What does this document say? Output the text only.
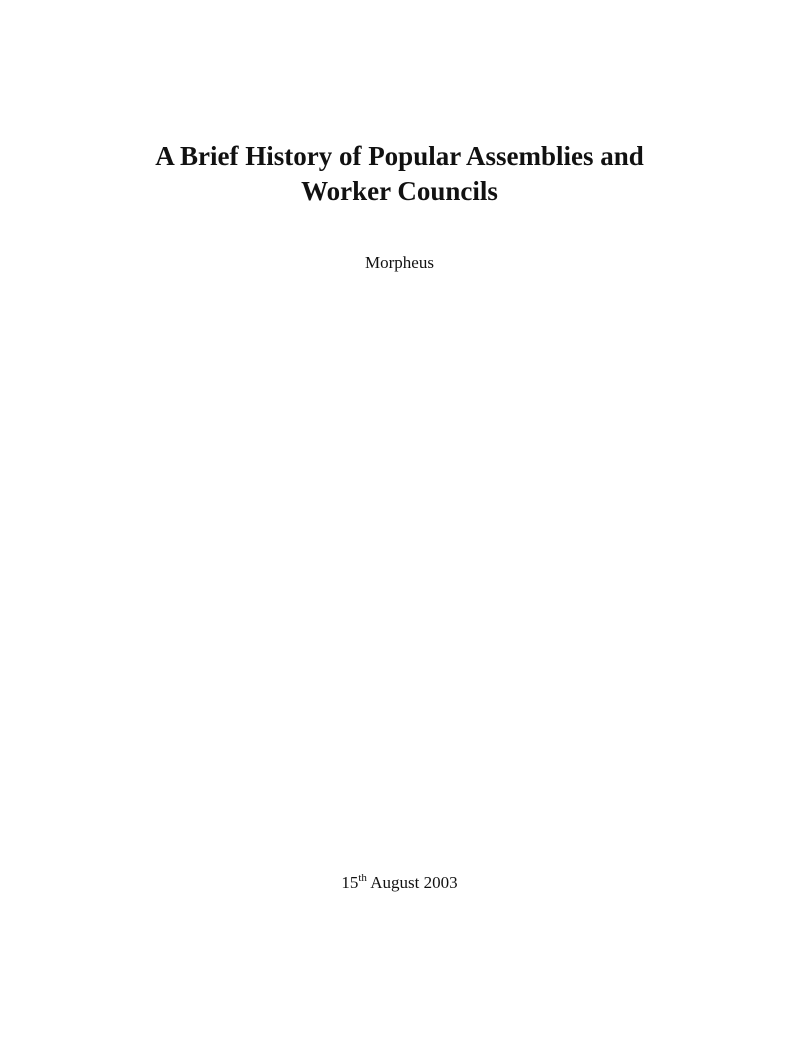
A Brief History of Popular Assemblies and
Worker Councils
Morpheus
15th August 2003
